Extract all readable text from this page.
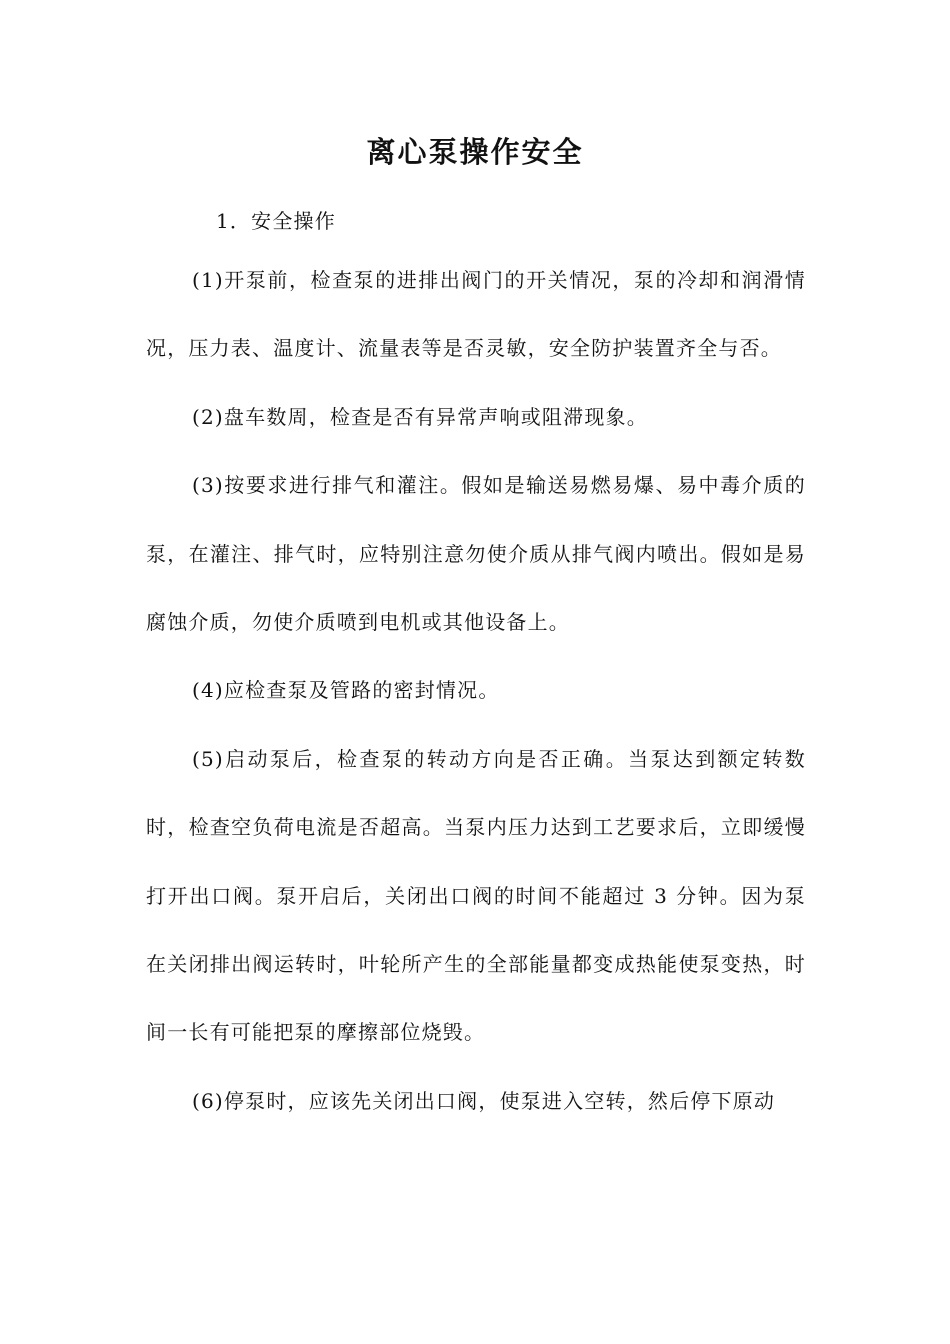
离心泵操作安全
1．安全操作

(1)开泵前，检查泵的进排出阀门的开关情况，泵的冷却和润滑情况，压力表、温度计、流量表等是否灵敏，安全防护装置齐全与否。

(2)盘车数周，检查是否有异常声响或阻滞现象。

(3)按要求进行排气和灌注。假如是输送易燃易爆、易中毒介质的泵，在灌注、排气时，应特别注意勿使介质从排气阀内喷出。假如是易腐蚀介质，勿使介质喷到电机或其他设备上。

(4)应检查泵及管路的密封情况。

(5)启动泵后，检查泵的转动方向是否正确。当泵达到额定转数时，检查空负荷电流是否超高。当泵内压力达到工艺要求后，立即缓慢打开出口阀。泵开启后，关闭出口阀的时间不能超过 3 分钟。因为泵在关闭排出阀运转时，叶轮所产生的全部能量都变成热能使泵变热，时间一长有可能把泵的摩擦部位烧毁。

(6)停泵时，应该先关闭出口阀，使泵进入空转，然后停下原动
